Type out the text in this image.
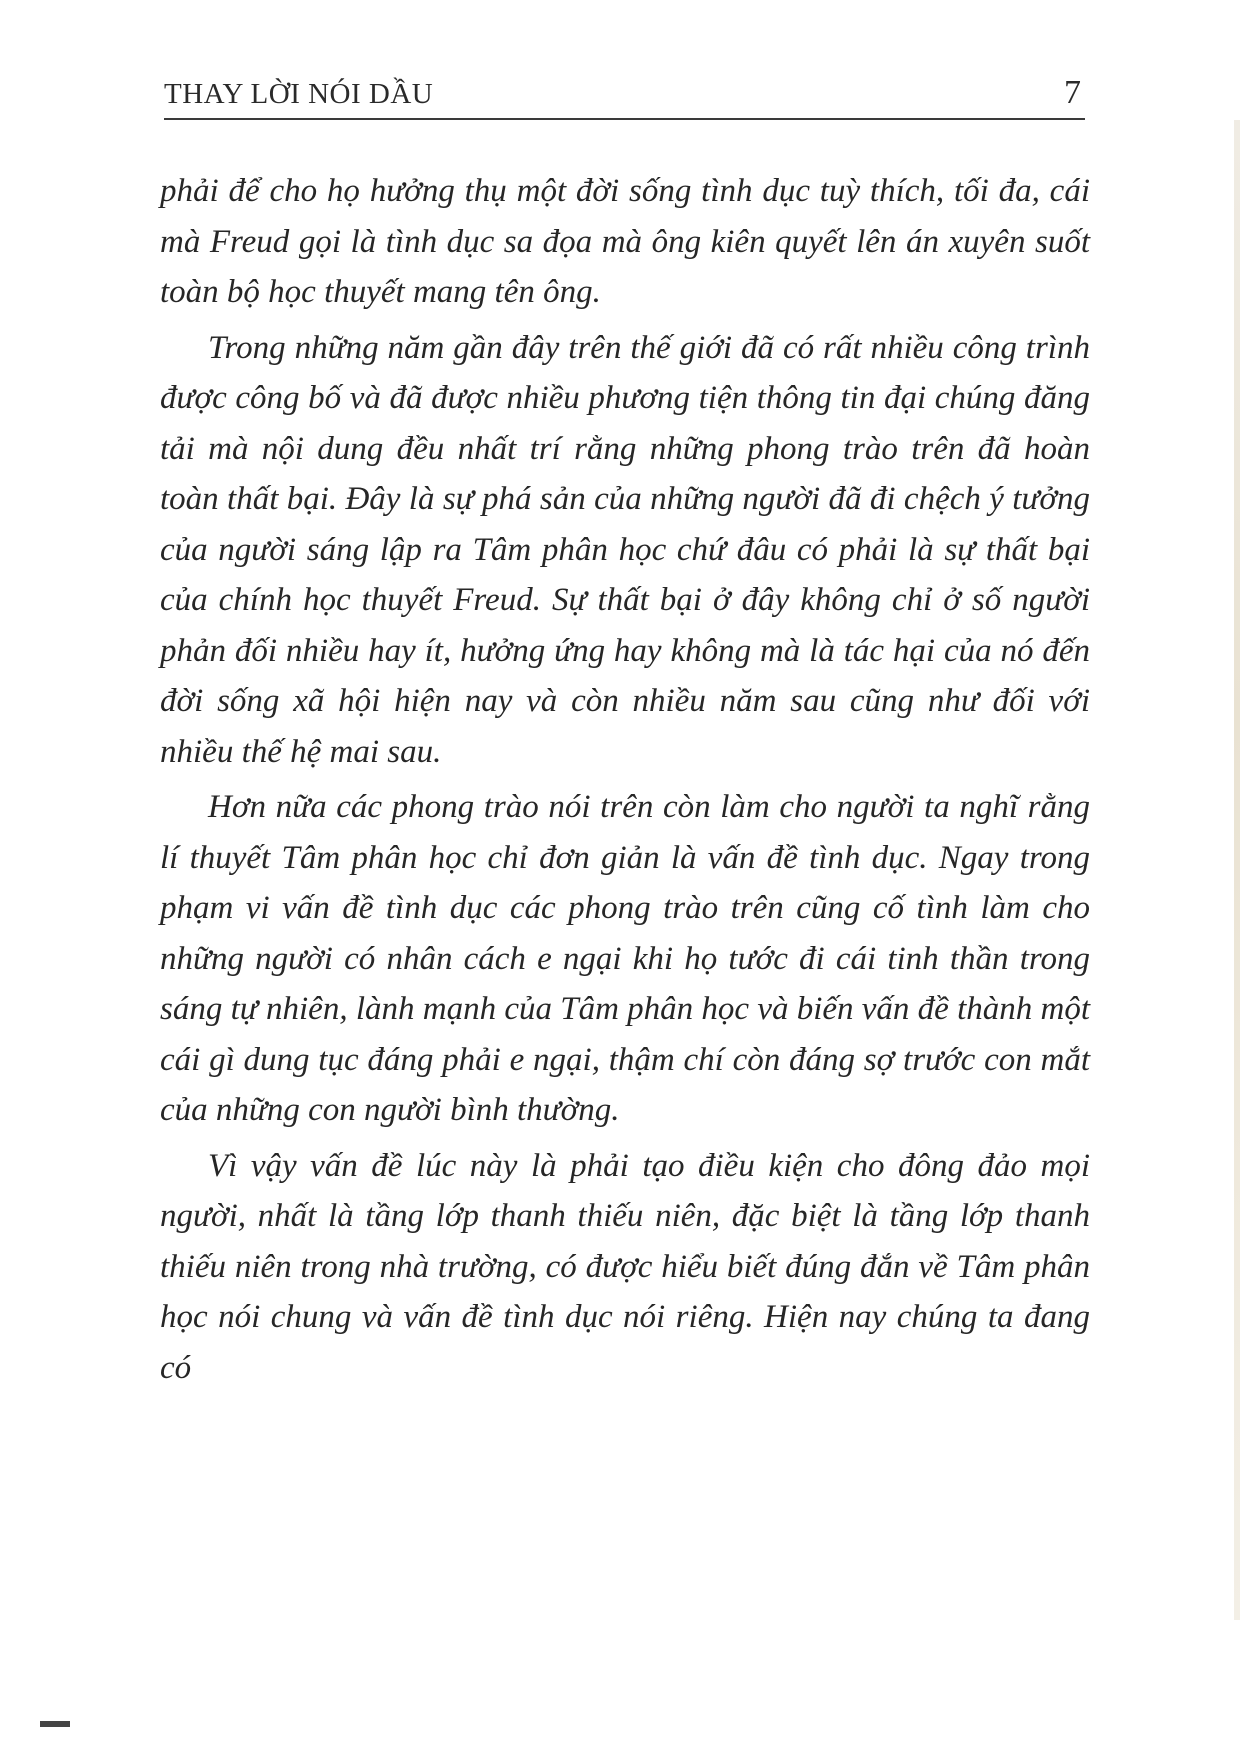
THAY LỜI NÓI DẦU	7

phải để cho họ hưởng thụ một đời sống tình dục tuỳ thích, tối đa, cái mà Freud gọi là tình dục sa đọa mà ông kiên quyết lên án xuyên suốt toàn bộ học thuyết mang tên ông.

Trong những năm gần đây trên thế giới đã có rất nhiều công trình được công bố và đã được nhiều phương tiện thông tin đại chúng đăng tải mà nội dung đều nhất trí rằng những phong trào trên đã hoàn toàn thất bại. Đây là sự phá sản của những người đã đi chệch ý tưởng của người sáng lập ra Tâm phân học chứ đâu có phải là sự thất bại của chính học thuyết Freud. Sự thất bại ở đây không chỉ ở số người phản đối nhiều hay ít, hưởng ứng hay không mà là tác hại của nó đến đời sống xã hội hiện nay và còn nhiều năm sau cũng như đối với nhiều thế hệ mai sau.

Hơn nữa các phong trào nói trên còn làm cho người ta nghĩ rằng lí thuyết Tâm phân học chỉ đơn giản là vấn đề tình dục. Ngay trong phạm vi vấn đề tình dục các phong trào trên cũng cố tình làm cho những người có nhân cách e ngại khi họ tước đi cái tinh thần trong sáng tự nhiên, lành mạnh của Tâm phân học và biến vấn đề thành một cái gì dung tục đáng phải e ngại, thậm chí còn đáng sợ trước con mắt của những con người bình thường.

Vì vậy vấn đề lúc này là phải tạo điều kiện cho đông đảo mọi người, nhất là tầng lớp thanh thiếu niên, đặc biệt là tầng lớp thanh thiếu niên trong nhà trường, có được hiểu biết đúng đắn về Tâm phân học nói chung và vấn đề tình dục nói riêng. Hiện nay chúng ta đang có
